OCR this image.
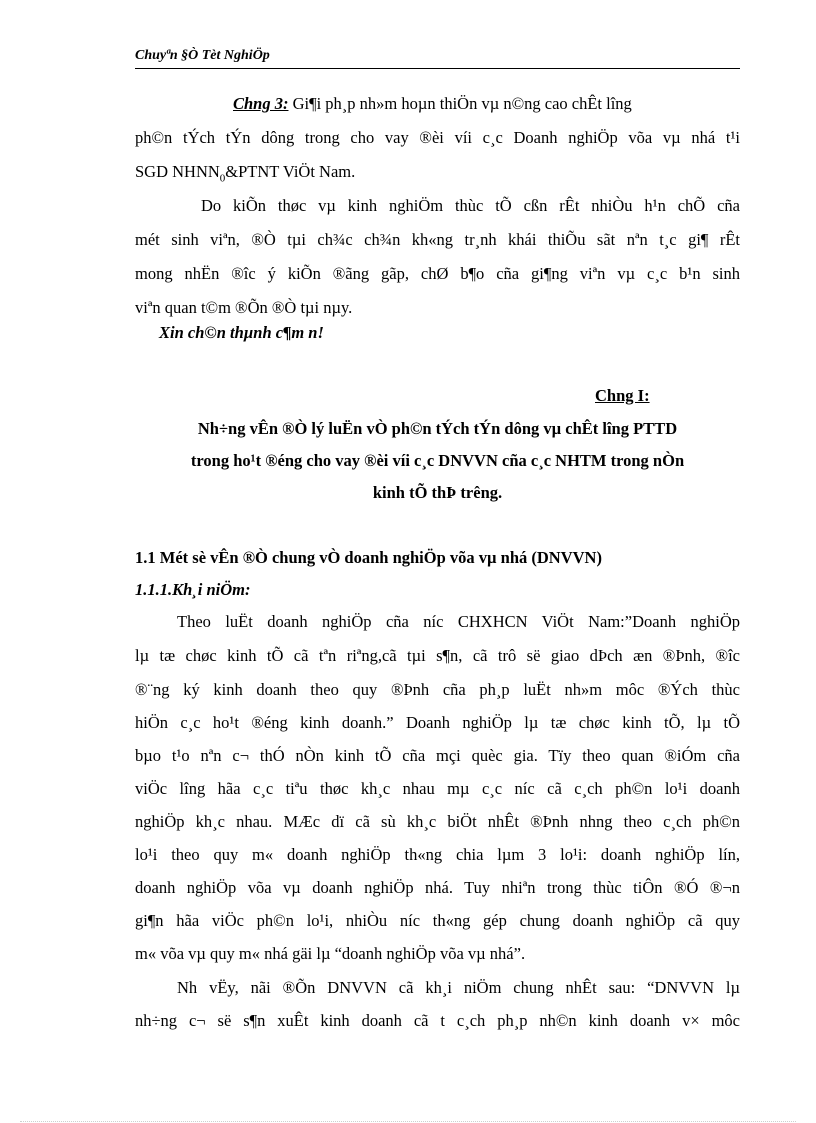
Chuyªn §Ò Tèt NghiÖp
Chng 3: Gi¶i ph¸p nh»m hoµn thiÖn vµ n©ng cao chÊt lîng
ph©n tÝch tÝn dông trong cho vay ®èi víi c¸c Doanh nghiÖp võa vµ nhá t¹i
SGD $NHNN_0\&PTNT$ ViÖt Nam.
Do kiÕn thøc vµ kinh nghiÖm thùc tÕ cßn rÊt nhiÒu h¹n chÕ cña
mét sinh viªn, ®Ò tµi ch¾c ch¾n kh«ng tr¸nh khái thiÕu sãt nªn t¸c gi¶ rÊt
mong nhËn ®îc ý kiÕn ®ãng gãp, chØ b¶o cña gi¶ng viªn vµ c¸c b¹n sinh
viªn quan t©m ®Õn ®Ò tµi nµy.
Xin ch©n thµnh c¶m n!
Chng I:
Nh÷ng vÊn ®Ò lý luËn vÒ ph©n tÝch tÝn dông vµ chÊt lîng PTTD
trong ho¹t ®éng cho vay ®èi víi c¸c DNVVN cña c¸c NHTM trong nÒn
kinh tÕ thÞ trêng.
1.1 Mét sè vÊn ®Ò chung vÒ doanh nghiÖp võa vµ nhá (DNVVN)
1.1.1.Kh¸i niÖm:
Theo luËt doanh nghiÖp cña níc CHXHCN ViÖt Nam:”Doanh nghiÖp
lµ tæ chøc kinh tÕ cã tªn riªng,cã tµi s¶n, cã trô së giao dÞch æn ®Þnh, ®îc
®¨ng ký kinh doanh theo quy ®Þnh cña ph¸p luËt nh»m môc ®Ých thùc
hiÖn c¸c ho¹t ®éng kinh doanh.” Doanh nghiÖp lµ tæ chøc kinh tÕ, lµ tÕ
bµo t¹o nªn c¬ thÓ nÒn kinh tÕ cña mçi quèc gia. Tïy theo quan ®iÓm cña
viÖc lîng hãa c¸c tiªu thøc kh¸c nhau mµ c¸c níc cã c¸ch ph©n lo¹i doanh
nghiÖp kh¸c nhau. MÆc dï cã sù kh¸c biÖt nhÊt ®Þnh nhng theo c¸ch ph©n
lo¹i theo quy m« doanh nghiÖp th«ng chia lµm 3 lo¹i: doanh nghiÖp lín,
doanh nghiÖp võa vµ doanh nghiÖp nhá. Tuy nhiªn trong thùc tiÔn ®Ó ®¬n
gi¶n hãa viÖc ph©n lo¹i, nhiÒu níc th«ng gép chung doanh nghiÖp cã quy
m« võa vµ quy m« nhá gäi lµ “doanh nghiÖp võa vµ nhá”.
Nh vËy, nãi ®Õn DNVVN cã kh¸i niÖm chung nhÊt sau: “DNVVN lµ
nh÷ng c¬ së s¶n xuÊt kinh doanh cã t c¸ch ph¸p nh©n kinh doanh v× môc
